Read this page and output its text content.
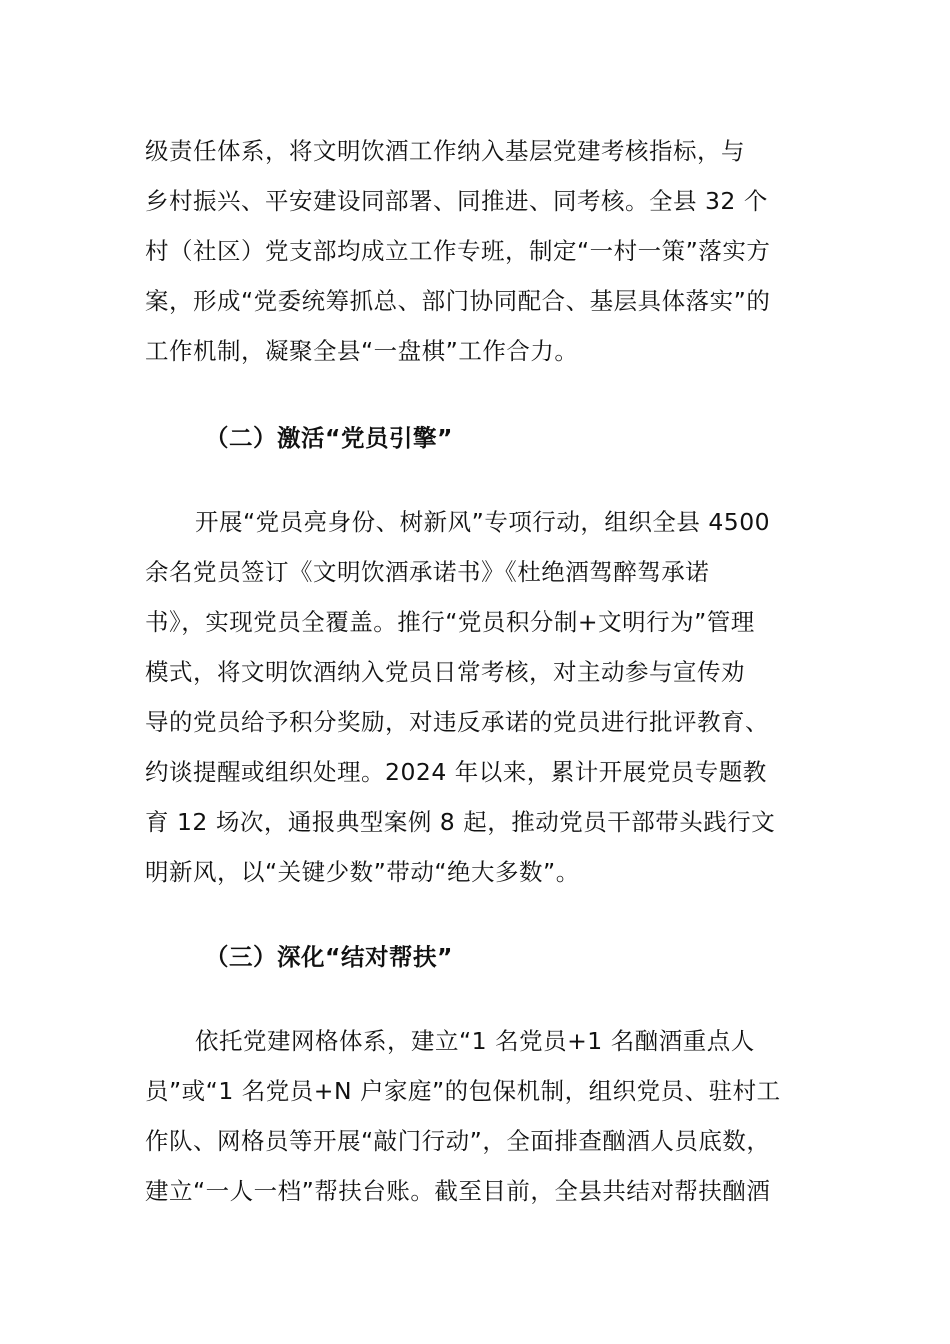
级责任体系，将文明饮酒工作纳入基层党建考核指标，与
乡村振兴、平安建设同部署、同推进、同考核。全县 32 个
村（社区）党支部均成立工作专班，制定“一村一策”落实方
案，形成“党委统筹抓总、部门协同配合、基层具体落实”的
工作机制，凝聚全县“一盘棋”工作合力。
（二）激活“党员引擎”
开展“党员亮身份、树新风”专项行动，组织全县 4500
余名党员签订《文明饮酒承诺书》《杜绝酒驾醉驾承诺
书》，实现党员全覆盖。推行“党员积分制+文明行为”管理
模式，将文明饮酒纳入党员日常考核，对主动参与宣传劝
导的党员给予积分奖励，对违反承诺的党员进行批评教育、
约谈提醒或组织处理。2024 年以来，累计开展党员专题教
育 12 场次，通报典型案例 8 起，推动党员干部带头践行文
明新风，以“关键少数”带动“绝大多数”。
（三）深化“结对帮扶”
依托党建网格体系，建立“1 名党员+1 名酗酒重点人
员”或“1 名党员+N 户家庭”的包保机制，组织党员、驻村工
作队、网格员等开展“敲门行动”，全面排查酗酒人员底数，
建立“一人一档”帮扶台账。截至目前，全县共结对帮扶酗酒
